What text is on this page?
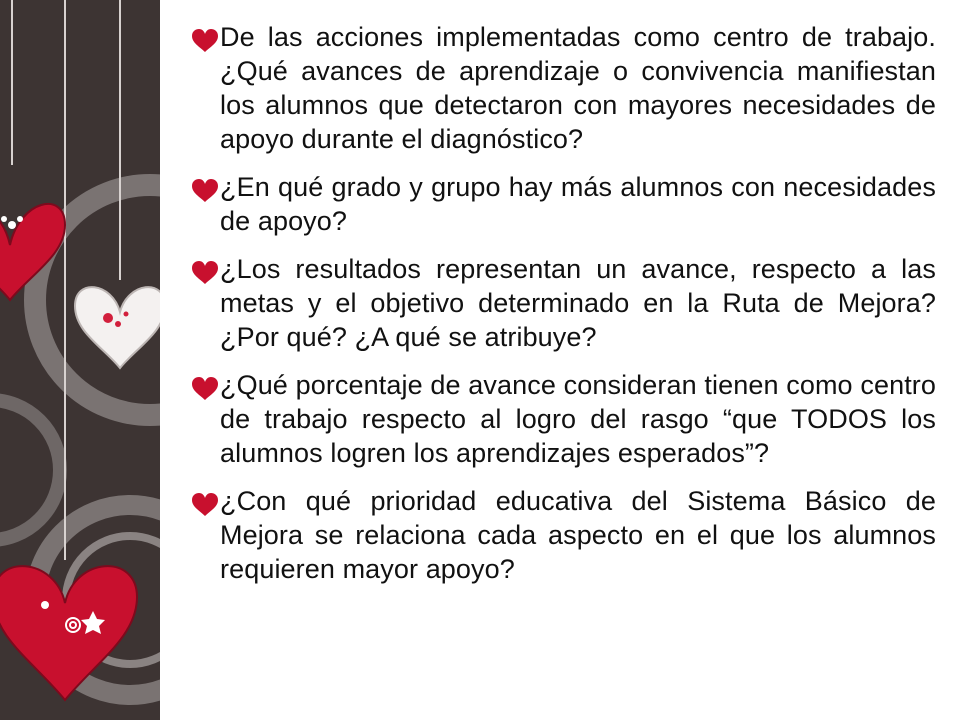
De las acciones implementadas como centro de trabajo. ¿Qué avances de aprendizaje o convivencia manifiestan los alumnos que detectaron con mayores necesidades de apoyo durante el diagnóstico?
¿En qué grado y grupo hay más alumnos con necesidades de apoyo?
¿Los resultados representan un avance, respecto a las metas y el objetivo determinado en la Ruta de Mejora? ¿Por qué? ¿A qué se atribuye?
¿Qué porcentaje de avance consideran tienen como centro de trabajo respecto al logro del rasgo “que TODOS los alumnos logren los aprendizajes esperados”?
¿Con qué prioridad educativa del Sistema Básico de Mejora se relaciona cada aspecto en el que los alumnos requieren mayor apoyo?
